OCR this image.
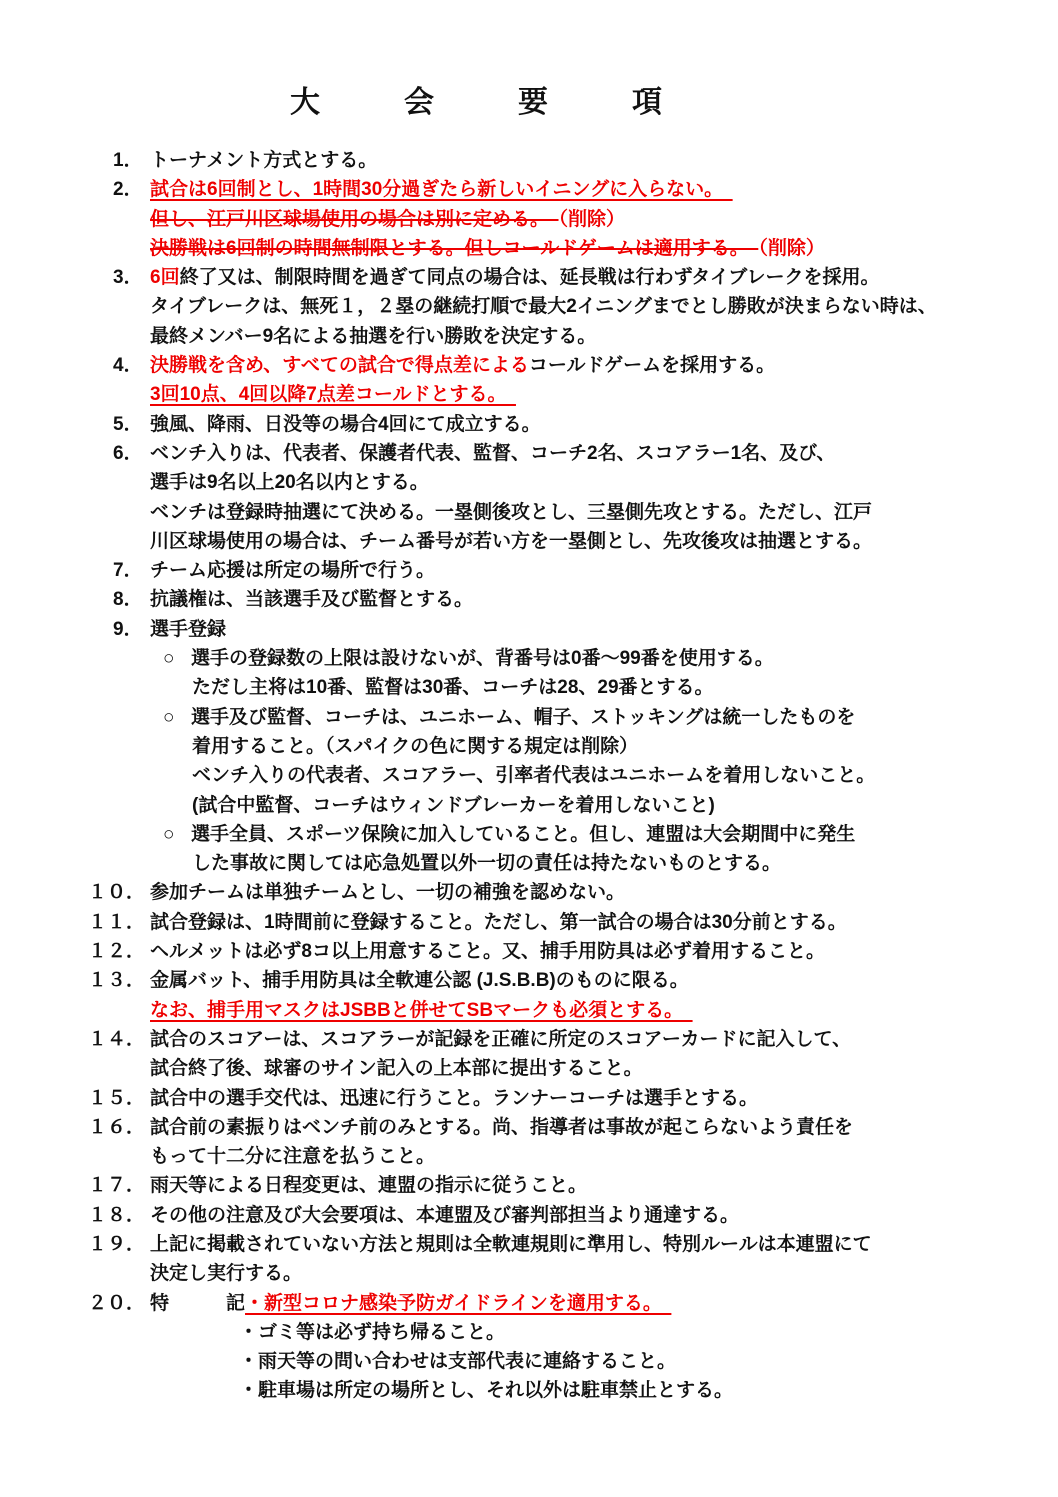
大　　会　　要　　項
1． トーナメント方式とする。
2． 試合は6回制とし、1時間30分過ぎたら新しいイニングに入らない。　
但し、江戸川区球場使用の場合は別に定める。　（削除）
決勝戦は6回制の時間無制限とする。但しコールドゲームは適用する。　（削除）
3． 6回終了又は、制限時間を過ぎて同点の場合は、延長戦は行わずタイブレークを採用。
タイブレークは、無死１，２塁の継続打順で最大2イニングまでとし勝敗が決まらない時は、
最終メンバー9名による抽選を行い勝敗を決定する。
4． 決勝戦を含め、すべての試合で得点差によるコールドゲームを採用する。
3回10点、4回以降7点差コールドとする。　
5． 強風、降雨、日没等の場合4回にて成立する。
6． ベンチ入りは、代表者、保護者代表、監督、コーチ2名、スコアラー1名、及び、
選手は9名以上20名以内とする。
ベンチは登録時抽選にて決める。一塁側後攻とし、三塁側先攻とする。ただし、江戸
川区球場使用の場合は、チーム番号が若い方を一塁側とし、先攻後攻は抽選とする。
7． チーム応援は所定の場所で行う。
8． 抗議権は、当該選手及び監督とする。
9． 選手登録
○ 選手の登録数の上限は設けないが、背番号は0番～99番を使用する。
ただし主将は10番、監督は30番、コーチは28、29番とする。
○ 選手及び監督、コーチは、ユニホーム、帽子、ストッキングは統一したものを
着用すること。（スパイクの色に関する規定は削除）
ベンチ入りの代表者、スコアラー、引率者代表はユニホームを着用しないこと。
(試合中監督、コーチはウィンドブレーカーを着用しないこと)
○ 選手全員、スポーツ保険に加入していること。但し、連盟は大会期間中に発生
した事故に関しては応急処置以外一切の責任は持たないものとする。
１０． 参加チームは単独チームとし、一切の補強を認めない。
１１． 試合登録は、1時間前に登録すること。ただし、第一試合の場合は30分前とする。
１２． ヘルメットは必ず8コ以上用意すること。又、捕手用防具は必ず着用すること。
１３． 金属バット、捕手用防具は全軟連公認 (J.S.B.B)のものに限る。
なお、捕手用マスクはJSBBと併せてSBマークも必須とする。　
１４． 試合のスコアーは、スコアラーが記録を正確に所定のスコアーカードに記入して、
試合終了後、球審のサイン記入の上本部に提出すること。
１５． 試合中の選手交代は、迅速に行うこと。ランナーコーチは選手とする。
１６． 試合前の素振りはベンチ前のみとする。尚、指導者は事故が起こらないよう責任を
もって十二分に注意を払うこと。
１７． 雨天等による日程変更は、連盟の指示に従うこと。
１８． その他の注意及び大会要項は、本連盟及び審判部担当より通達する。
１９． 上記に掲載されていない方法と規則は全軟連規則に準用し、特別ルールは本連盟にて
決定し実行する。
２０． 特　　　記・新型コロナ感染予防ガイドラインを適用する。　
・ゴミ等は必ず持ち帰ること。
・雨天等の問い合わせは支部代表に連絡すること。
・駐車場は所定の場所とし、それ以外は駐車禁止とする。
